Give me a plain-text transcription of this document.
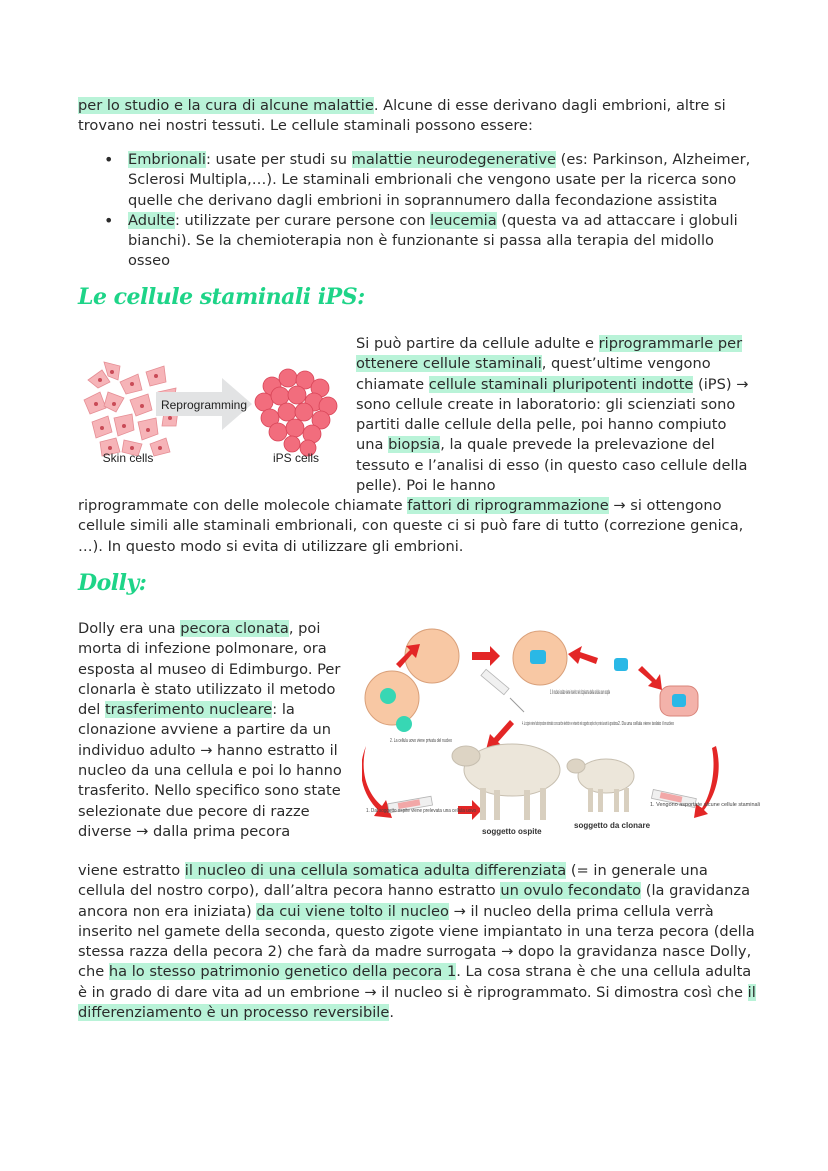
per lo studio e la cura di alcune malattie. Alcune di esse derivano dagli embrioni, altre si trovano nei nostri tessuti. Le cellule staminali possono essere:

• Embrionali: usate per studi su malattie neurodegenerative (es: Parkinson, Alzheimer, Sclerosi Multipla,…). Le staminali embrionali che vengono usate per la ricerca sono quelle che derivano dagli embrioni in soprannumero dalla fecondazione assistita
• Adulte: utilizzate per curare persone con leucemia (questa va ad attaccare i globuli bianchi). Se la chemioterapia non è funzionante si passa alla terapia del midollo osseo
Le cellule staminali iPS:
Reprogramming
Skin cells	iPS cells

Si può partire da cellule adulte e riprogrammarle per ottenere cellule staminali, quest’ultime vengono chiamate cellule staminali pluripotenti indotte (iPS) → sono cellule create in laboratorio: gli scienziati sono partiti dalle cellule della pelle, poi hanno compiuto una biopsia, la quale prevede la prelevazione del tessuto e l’analisi di esso (in questo caso cellule della pelle). Poi le hanno

riprogrammate con delle molecole chiamate fattori di riprogrammazione → si ottengono cellule simili alle staminali embrionali, con queste ci si può fare di tutto (correzione genica, …). In questo modo si evita di utilizzare gli embrioni.

Dolly:

Dolly era una pecora clonata, poi morta di infezione polmonare, ora esposta al museo di Edimburgo. Per clonarla è stato utilizzato il metodo del trasferimento nucleare: la clonazione avviene a partire da un individuo adulto → hanno estratto il nucleo da una cellula e poi lo hanno trasferito. Nello specifico sono state selezionate due pecore di razze diverse → dalla prima pecora

3. Il nucleo isolato viene inserito nel citoplasma della cellula uovo ospite
4. Lo zigote viene fatto riprodurre stimolato con scariche elettriche e reinserito nel soggetto ospite che porterà avanti la gravidanza 2. Da una cellula viene isolato il nucleo
2. La cellula uovo viene privata del nucleo
1. Dal soggetto ospite viene prelevata una cellula uovo
1. Vengono asportate alcune cellule staminali
soggetto ospite
soggetto da clonare

viene estratto il nucleo di una cellula somatica adulta differenziata (= in generale una cellula del nostro corpo), dall’altra pecora hanno estratto un ovulo fecondato (la gravidanza ancora non era iniziata) da cui viene tolto il nucleo → il nucleo della prima cellula verrà inserito nel gamete della seconda, questo zigote viene impiantato in una terza pecora (della stessa razza della pecora 2) che farà da madre surrogata → dopo la gravidanza nasce Dolly, che ha lo stesso patrimonio genetico della pecora 1. La cosa strana è che una cellula adulta è in grado di dare vita ad un embrione → il nucleo si è riprogrammato. Si dimostra così che il differenziamento è un processo reversibile.
